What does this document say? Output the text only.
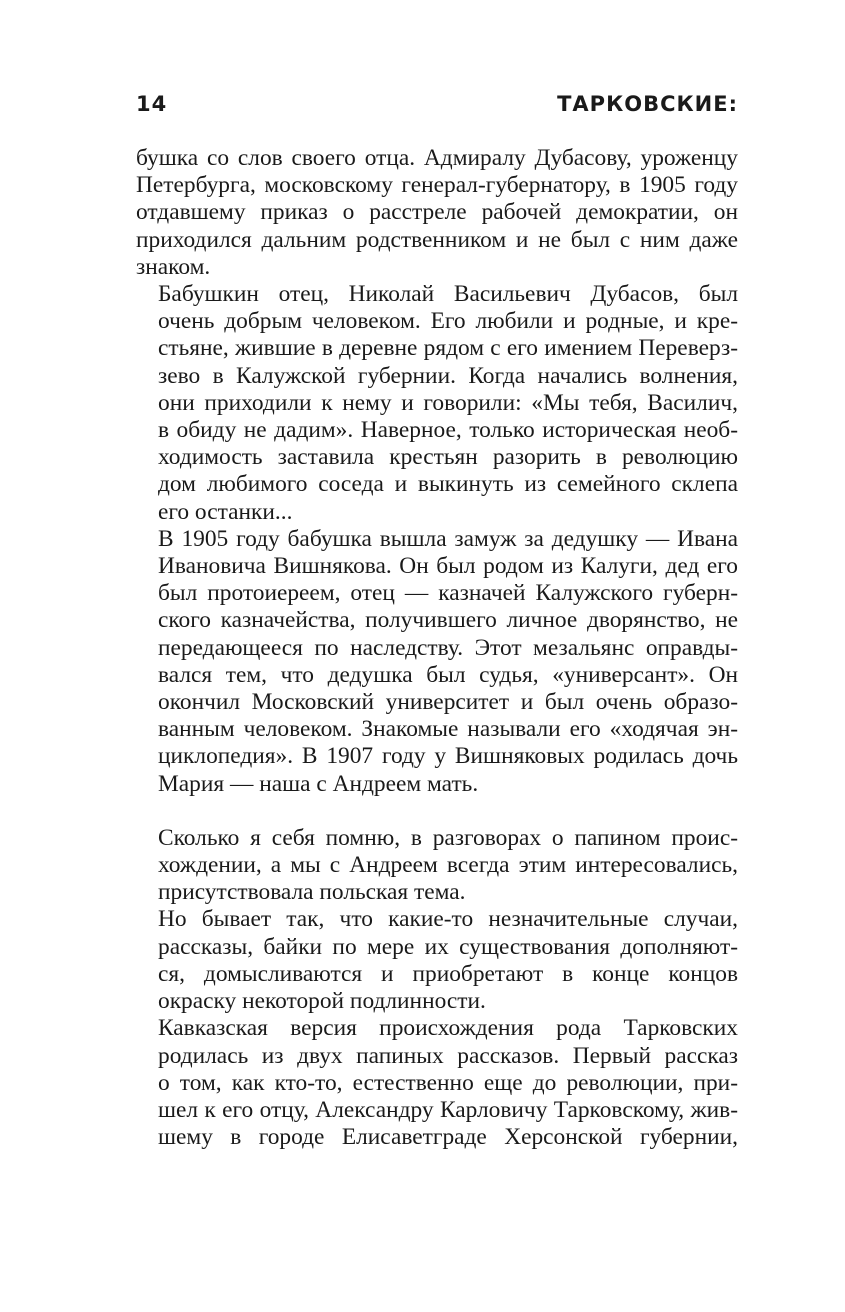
14	ТАРКОВСКИЕ:

бушка со слов своего отца. Адмиралу Дубасову, уроженцу
Петербурга, московскому генерал-губернатору, в 1905 году
отдавшему приказ о расстреле рабочей демократии, он
приходился дальним родственником и не был с ним даже
знаком.

Бабушкин отец, Николай Васильевич Дубасов, был
очень добрым человеком. Его любили и родные, и кре-
стьяне, жившие в деревне рядом с его имением Переверз-
зево в Калужской губернии. Когда начались волнения,
они приходили к нему и говорили: «Мы тебя, Василич,
в обиду не дадим». Наверное, только историческая необ-
ходимость заставила крестьян разорить в революцию
дом любимого соседа и выкинуть из семейного склепа
его останки...

В 1905 году бабушка вышла замуж за дедушку — Ивана
Ивановича Вишнякова. Он был родом из Калуги, дед его
был протоиереем, отец — казначей Калужского губерн-
ского казначейства, получившего личное дворянство, не
передающееся по наследству. Этот мезальянс оправды-
вался тем, что дедушка был судья, «универсант». Он
окончил Московский университет и был очень образо-
ванным человеком. Знакомые называли его «ходячая эн-
циклопедия». В 1907 году у Вишняковых родилась дочь
Мария — наша с Андреем мать.

Сколько я себя помню, в разговорах о папином проис-
хождении, а мы с Андреем всегда этим интересовались,
присутствовала польская тема.

Но бывает так, что какие-то незначительные случаи,
рассказы, байки по мере их существования дополняют-
ся, домысливаются и приобретают в конце концов
окраску некоторой подлинности.

Кавказская версия происхождения рода Тарковских
родилась из двух папиных рассказов. Первый рассказ
о том, как кто-то, естественно еще до революции, при-
шел к его отцу, Александру Карловичу Тарковскому, жив-
шему в городе Елисаветграде Херсонской губернии,
